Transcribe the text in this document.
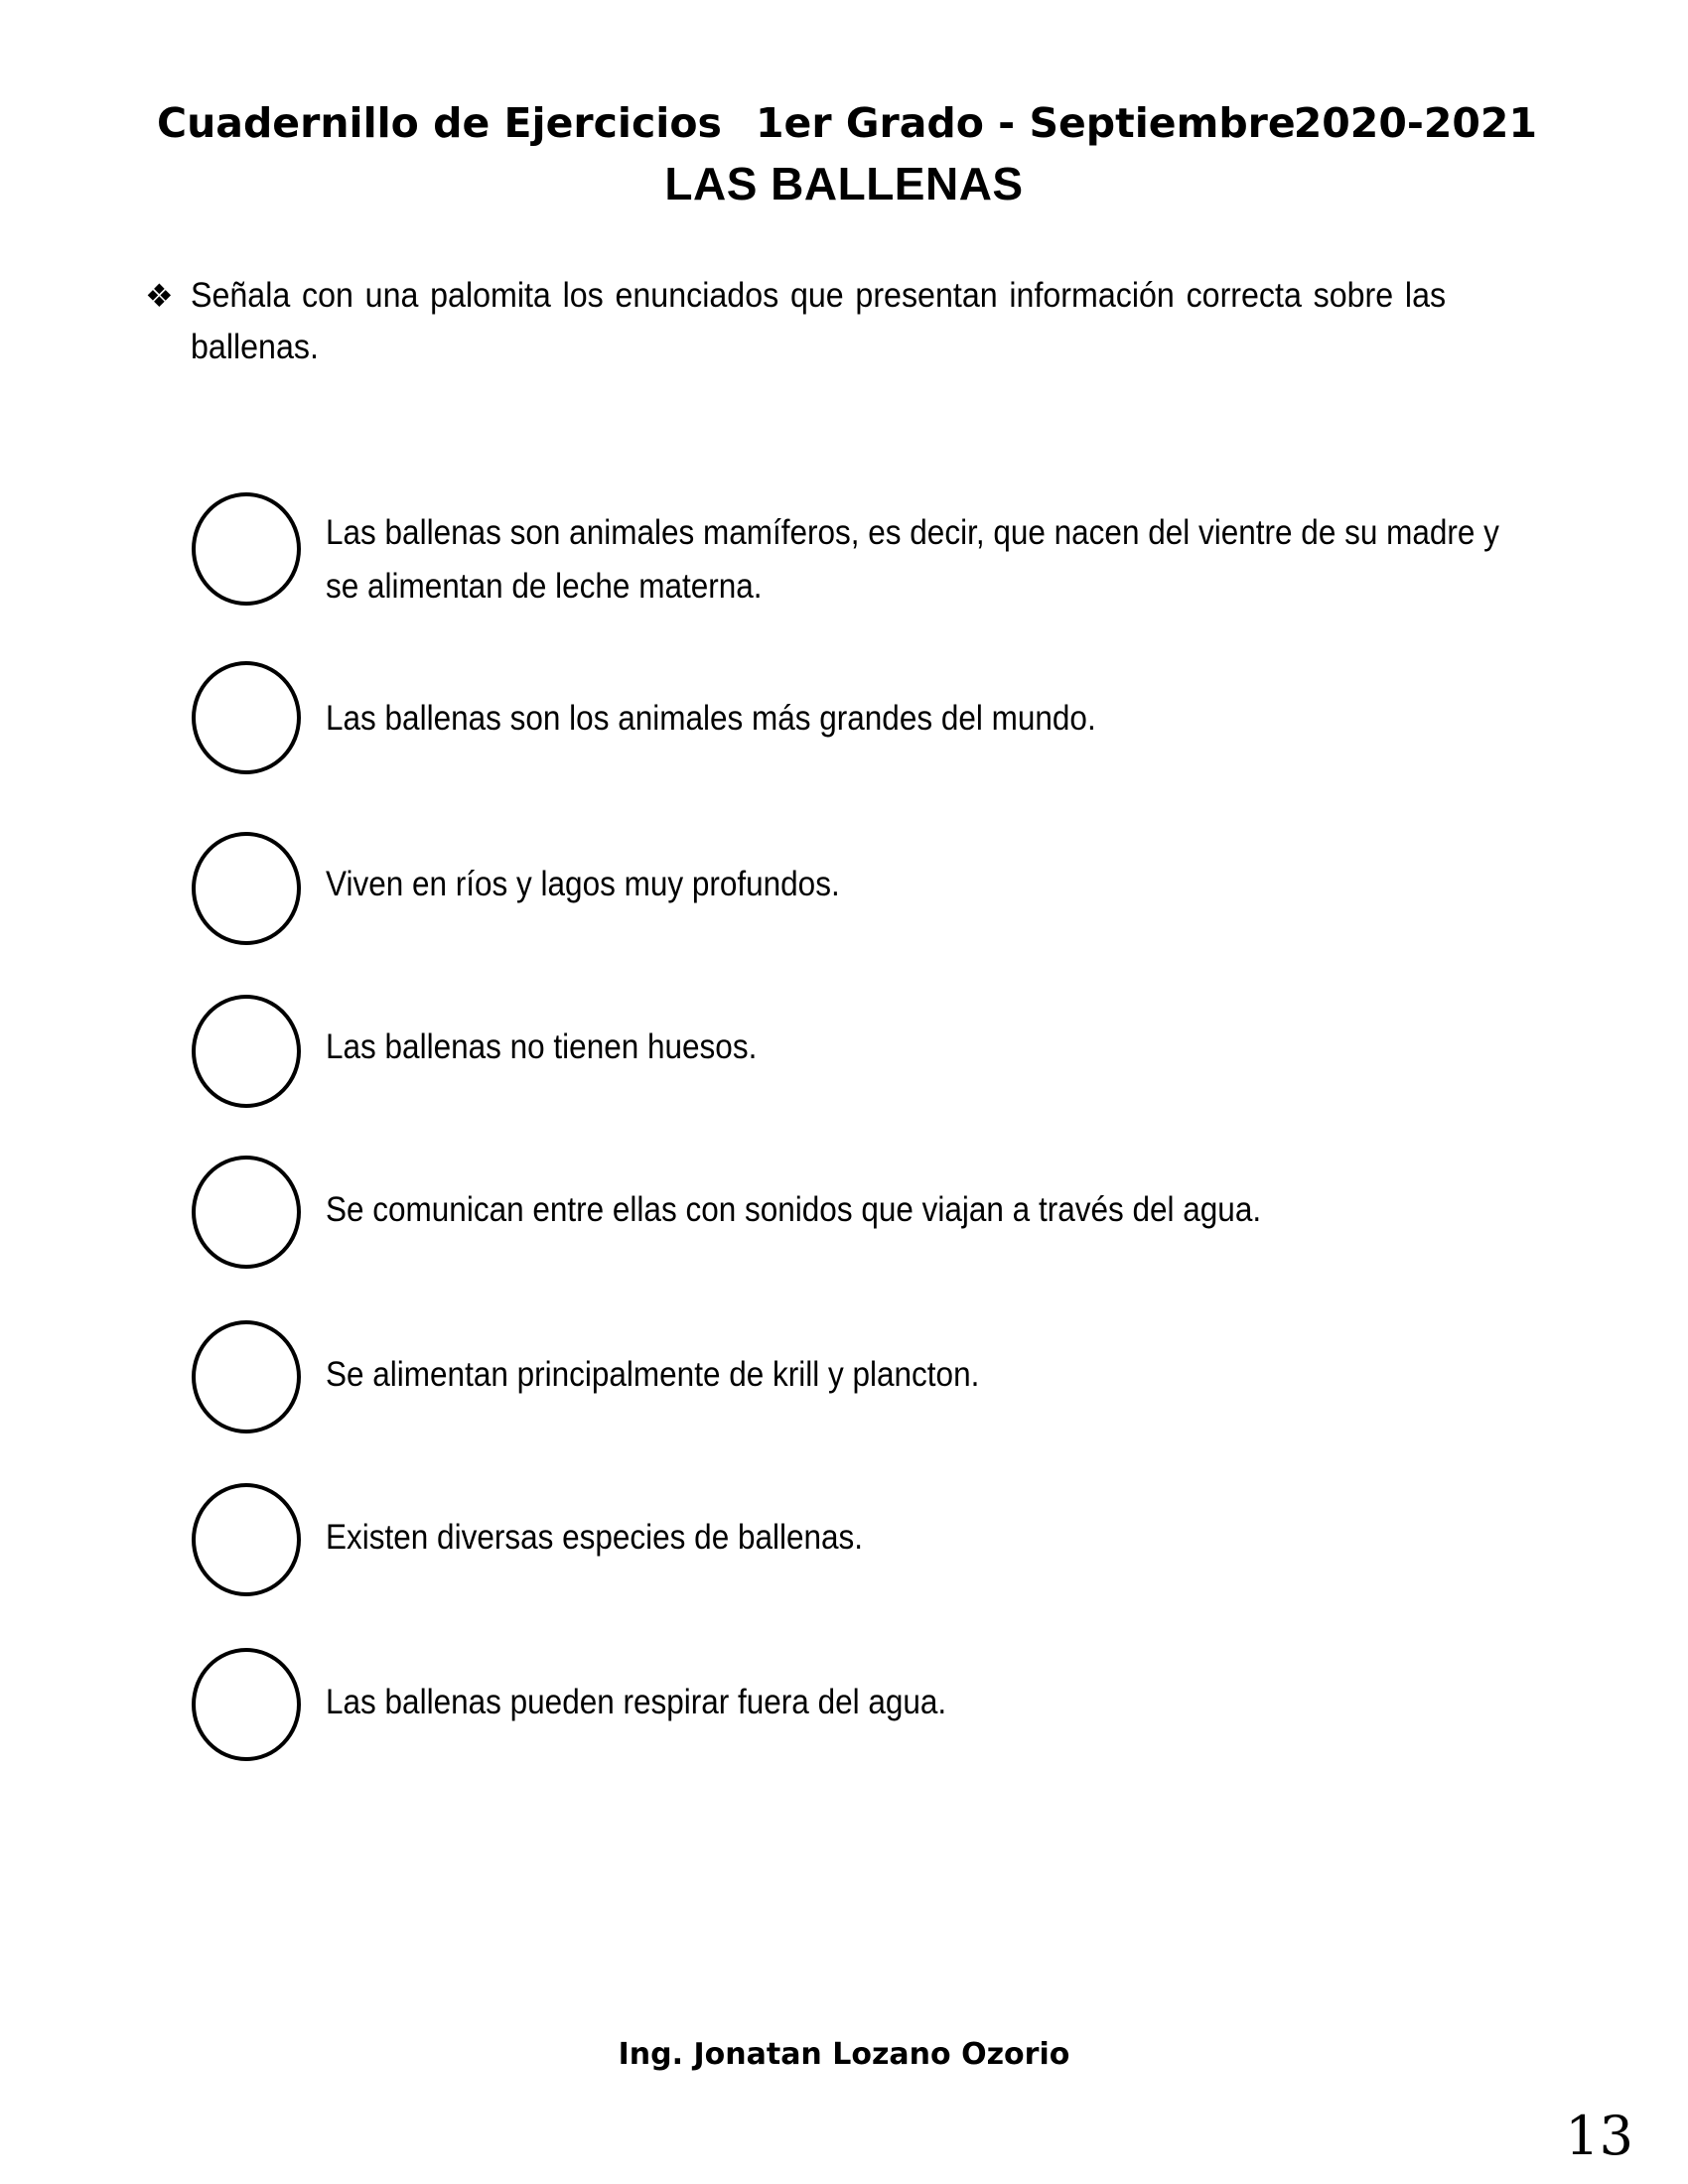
Cuadernillo de Ejercicios 1er Grado - Septiembre
2020-2021
LAS BALLENAS
❖ Señala con una palomita los enunciados que presentan información correcta sobre las ballenas.
Las ballenas son animales mamíferos, es decir, que nacen del vientre de su madre y se alimentan de leche materna.
Las ballenas son los animales más grandes del mundo.
Viven en ríos y lagos muy profundos.
Las ballenas no tienen huesos.
Se comunican entre ellas con sonidos que viajan a través del agua.
Se alimentan principalmente de krill y plancton.
Existen diversas especies de ballenas.
Las ballenas pueden respirar fuera del agua.
Ing. Jonatan Lozano Ozorio
13
